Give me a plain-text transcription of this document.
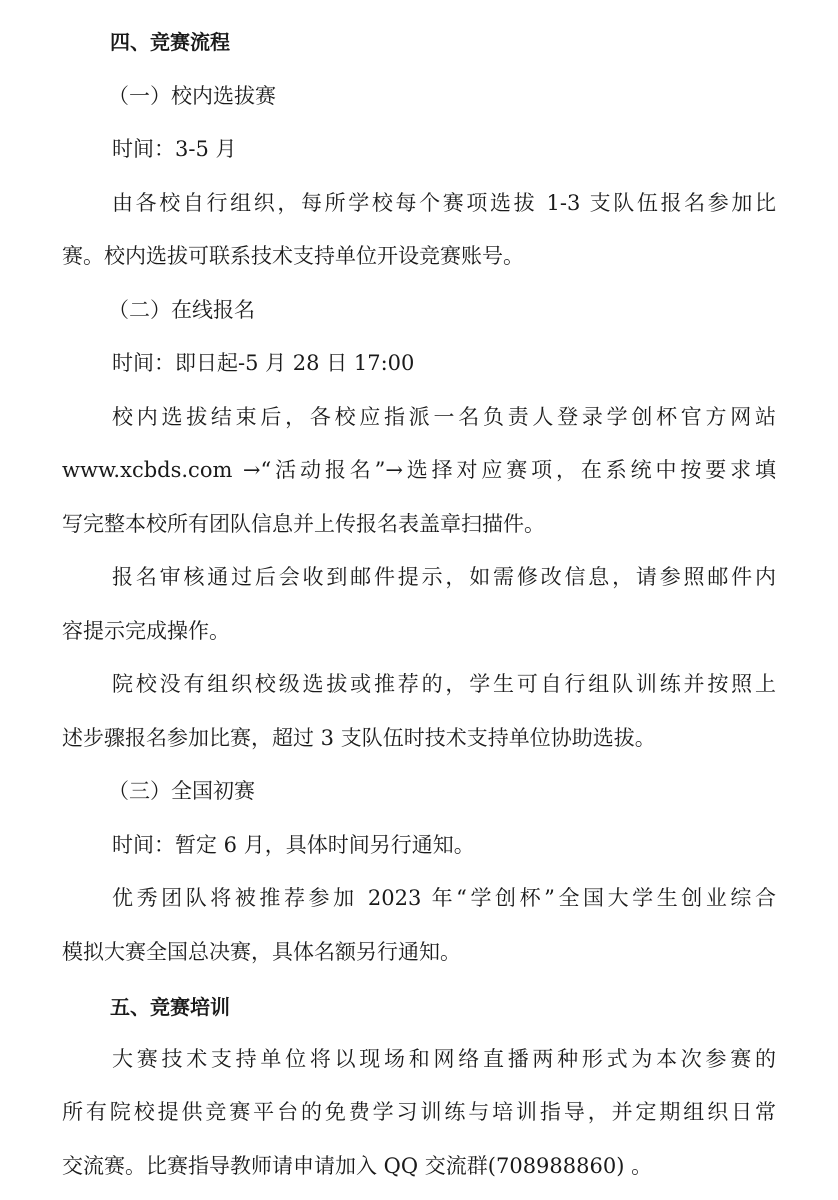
四、竞赛流程
（一）校内选拔赛
时间：3-5 月
由各校自行组织，每所学校每个赛项选拔 1-3 支队伍报名参加比
赛。校内选拔可联系技术支持单位开设竞赛账号。
（二）在线报名
时间：即日起-5 月 28 日 17:00
校内选拔结束后，各校应指派一名负责人登录学创杯官方网站
www.xcbds.com →“活动报名”→选择对应赛项，在系统中按要求填
写完整本校所有团队信息并上传报名表盖章扫描件。
报名审核通过后会收到邮件提示，如需修改信息，请参照邮件内
容提示完成操作。
院校没有组织校级选拔或推荐的，学生可自行组队训练并按照上
述步骤报名参加比赛，超过 3 支队伍时技术支持单位协助选拔。
（三）全国初赛
时间：暂定 6 月，具体时间另行通知。
优秀团队将被推荐参加 2023 年“学创杯”全国大学生创业综合
模拟大赛全国总决赛，具体名额另行通知。
五、竞赛培训
大赛技术支持单位将以现场和网络直播两种形式为本次参赛的
所有院校提供竞赛平台的免费学习训练与培训指导，并定期组织日常
交流赛。比赛指导教师请申请加入 QQ 交流群(708988860) 。
